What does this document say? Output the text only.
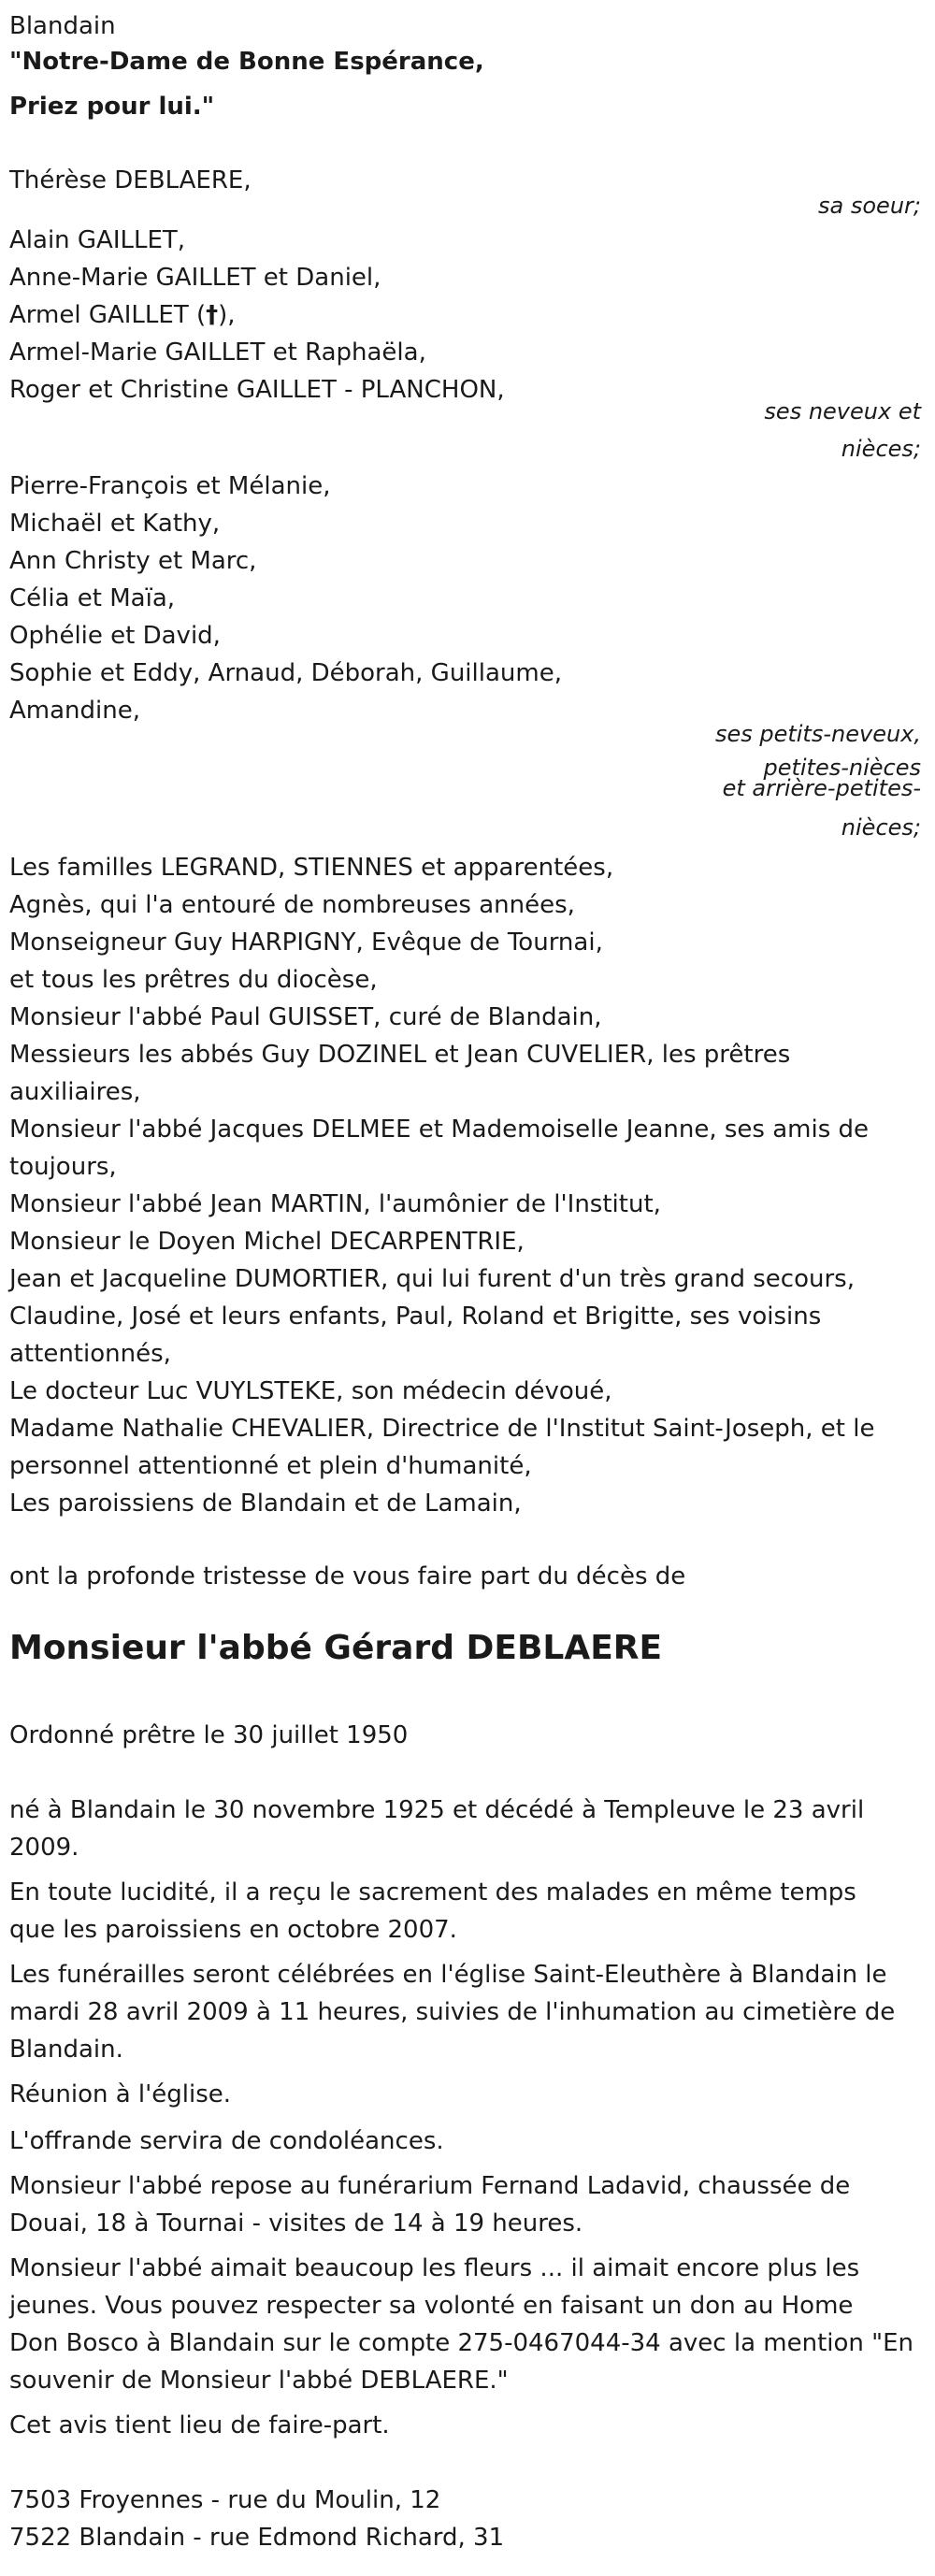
Blandain

"Notre-Dame de Bonne Espérance,

Priez pour lui."

Thérèse DEBLAERE,

sa soeur;

Alain GAILLET,

Anne-Marie GAILLET et Daniel,

Armel GAILLET (†),

Armel-Marie GAILLET et Raphaëla,

Roger et Christine GAILLET - PLANCHON,

ses neveux et

nièces;

Pierre-François et Mélanie,

Michaël et Kathy,

Ann Christy et Marc,

Célia et Maïa,

Ophélie et David,

Sophie et Eddy, Arnaud, Déborah, Guillaume,

Amandine,

ses petits-neveux,

petites-nièces

et arrière-petites-

nièces;

Les familles LEGRAND, STIENNES et apparentées,

Agnès, qui l'a entouré de nombreuses années,

Monseigneur Guy HARPIGNY, Evêque de Tournai,

et tous les prêtres du diocèse,

Monsieur l'abbé Paul GUISSET, curé de Blandain,

Messieurs les abbés Guy DOZINEL et Jean CUVELIER, les prêtres

auxiliaires,

Monsieur l'abbé Jacques DELMEE et Mademoiselle Jeanne, ses amis de

toujours,

Monsieur l'abbé Jean MARTIN, l'aumônier de l'Institut,

Monsieur le Doyen Michel DECARPENTRIE,

Jean et Jacqueline DUMORTIER, qui lui furent d'un très grand secours,

Claudine, José et leurs enfants, Paul, Roland et Brigitte, ses voisins

attentionnés,

Le docteur Luc VUYLSTEKE, son médecin dévoué,

Madame Nathalie CHEVALIER, Directrice de l'Institut Saint-Joseph, et le

personnel attentionné et plein d'humanité,

Les paroissiens de Blandain et de Lamain,

ont la profonde tristesse de vous faire part du décès de

Monsieur l'abbé Gérard DEBLAERE

Ordonné prêtre le 30 juillet 1950

né à Blandain le 30 novembre 1925 et décédé à Templeuve le 23 avril

2009.

En toute lucidité, il a reçu le sacrement des malades en même temps

que les paroissiens en octobre 2007.

Les funérailles seront célébrées en l'église Saint-Eleuthère à Blandain le

mardi 28 avril 2009 à 11 heures, suivies de l'inhumation au cimetière de

Blandain.

Réunion à l'église.

L'offrande servira de condoléances.

Monsieur l'abbé repose au funérarium Fernand Ladavid, chaussée de

Douai, 18 à Tournai - visites de 14 à 19 heures.

Monsieur l'abbé aimait beaucoup les fleurs ... il aimait encore plus les

jeunes. Vous pouvez respecter sa volonté en faisant un don au Home

Don Bosco à Blandain sur le compte 275-0467044-34 avec la mention "En

souvenir de Monsieur l'abbé DEBLAERE."

Cet avis tient lieu de faire-part.

7503 Froyennes - rue du Moulin, 12

7522 Blandain - rue Edmond Richard, 31
